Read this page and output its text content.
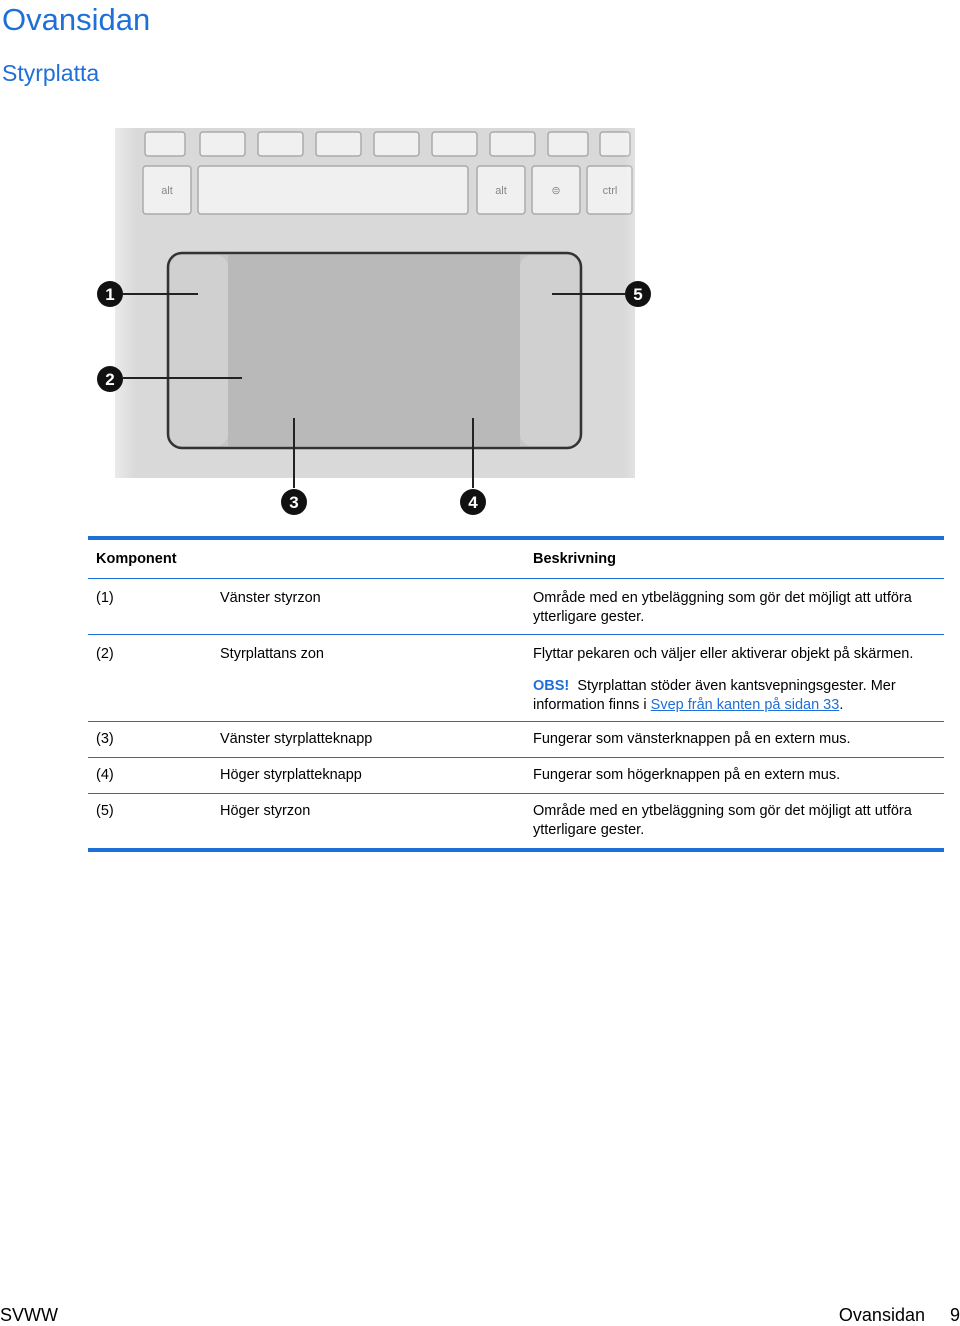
Ovansidan
Styrplatta
1
2
3	4
5
Komponent	Beskrivning
(1)	Vänster styrzon	Område med en ytbeläggning som gör det möjligt att utföra ytterligare gester.
(2)	Styrplattans zon	Flyttar pekaren och väljer eller aktiverar objekt på skärmen.
OBS! Styrplattan stöder även kantsvepningsgester. Mer information finns i Svep från kanten på sidan 33.
(3)	Vänster styrplatteknapp	Fungerar som vänsterknappen på en extern mus.
(4)	Höger styrplatteknapp	Fungerar som högerknappen på en extern mus.
(5)	Höger styrzon	Område med en ytbeläggning som gör det möjligt att utföra ytterligare gester.
SVWW	Ovansidan 9
